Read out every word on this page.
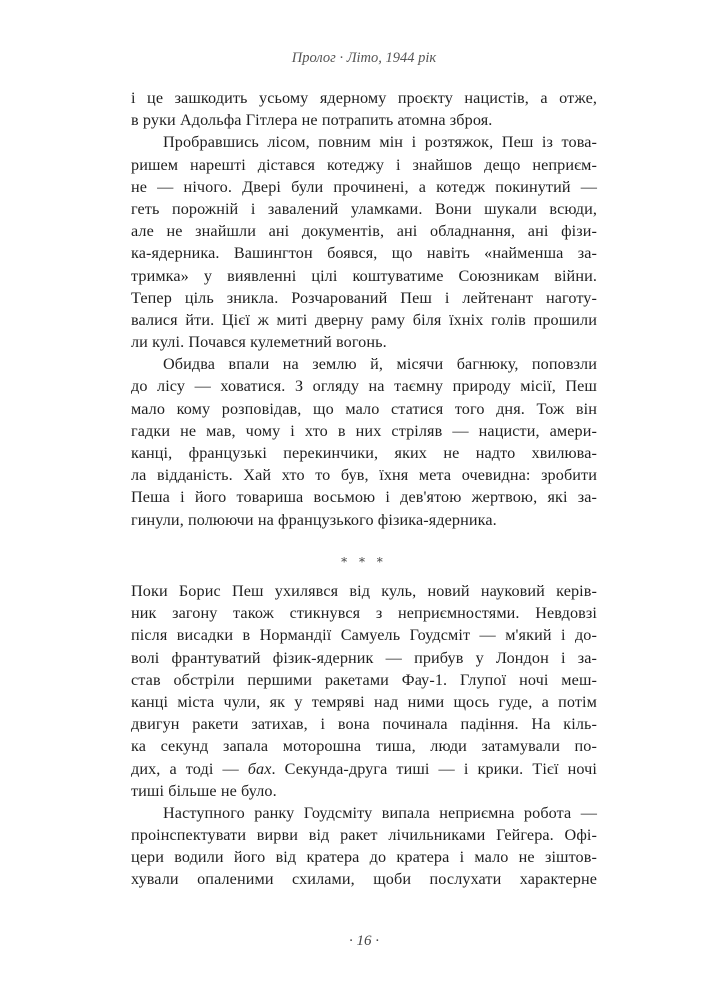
Пролог · Літо, 1944 рік
і це зашкодить усьому ядерному проєкту нацистів, а отже,
в руки Адольфа Гітлера не потрапить атомна зброя.
Пробравшись лісом, повним мін і розтяжок, Пеш із това-
ришем нарешті дістався котеджу і знайшов дещо неприєм-
не — нічого. Двері були прочинені, а котедж покинутий —
геть порожній і завалений уламками. Вони шукали всюди,
але не знайшли ані документів, ані обладнання, ані фізи-
ка-ядерника. Вашингтон боявся, що навіть «найменша за-
тримка» у виявленні цілі коштуватиме Союзникам війни.
Тепер ціль зникла. Розчарований Пеш і лейтенант наготу-
валися йти. Цієї ж миті дверну раму біля їхніх голів прошили
ли кулі. Почався кулеметний вогонь.
Обидва впали на землю й, місячи багнюку, поповзли
до лісу — ховатися. З огляду на таємну природу місії, Пеш
мало кому розповідав, що мало статися того дня. Тож він
гадки не мав, чому і хто в них стріляв — нацисти, амери-
канці, французькі перекинчики, яких не надто хвилюва-
ла відданість. Хай хто то був, їхня мета очевидна: зробити
Пеша і його товариша восьмою і дев'ятою жертвою, які за-
гинули, полюючи на французького фізика-ядерника.
* * *
Поки Борис Пеш ухилявся від куль, новий науковий керів-
ник загону також стикнувся з неприємностями. Невдовзі
після висадки в Нормандії Самуель Гоудсміт — м'який і до-
волі франтуватий фізик-ядерник — прибув у Лондон і за-
став обстріли першими ракетами Фау-1. Глупої ночі меш-
канці міста чули, як у темряві над ними щось гуде, а потім
двигун ракети затихав, і вона починала падіння. На кіль-
ка секунд запала моторошна тиша, люди затамували по-
дих, а тоді — бах. Секунда-друга тиші — і крики. Тієї ночі
тиші більше не було.
Наступного ранку Гоудсміту випала неприємна робота —
проінспектувати вирви від ракет лічильниками Гейгера. Офі-
цери водили його від кратера до кратера і мало не зіштов-
хували опаленими схилами, щоби послухати характерне
· 16 ·
